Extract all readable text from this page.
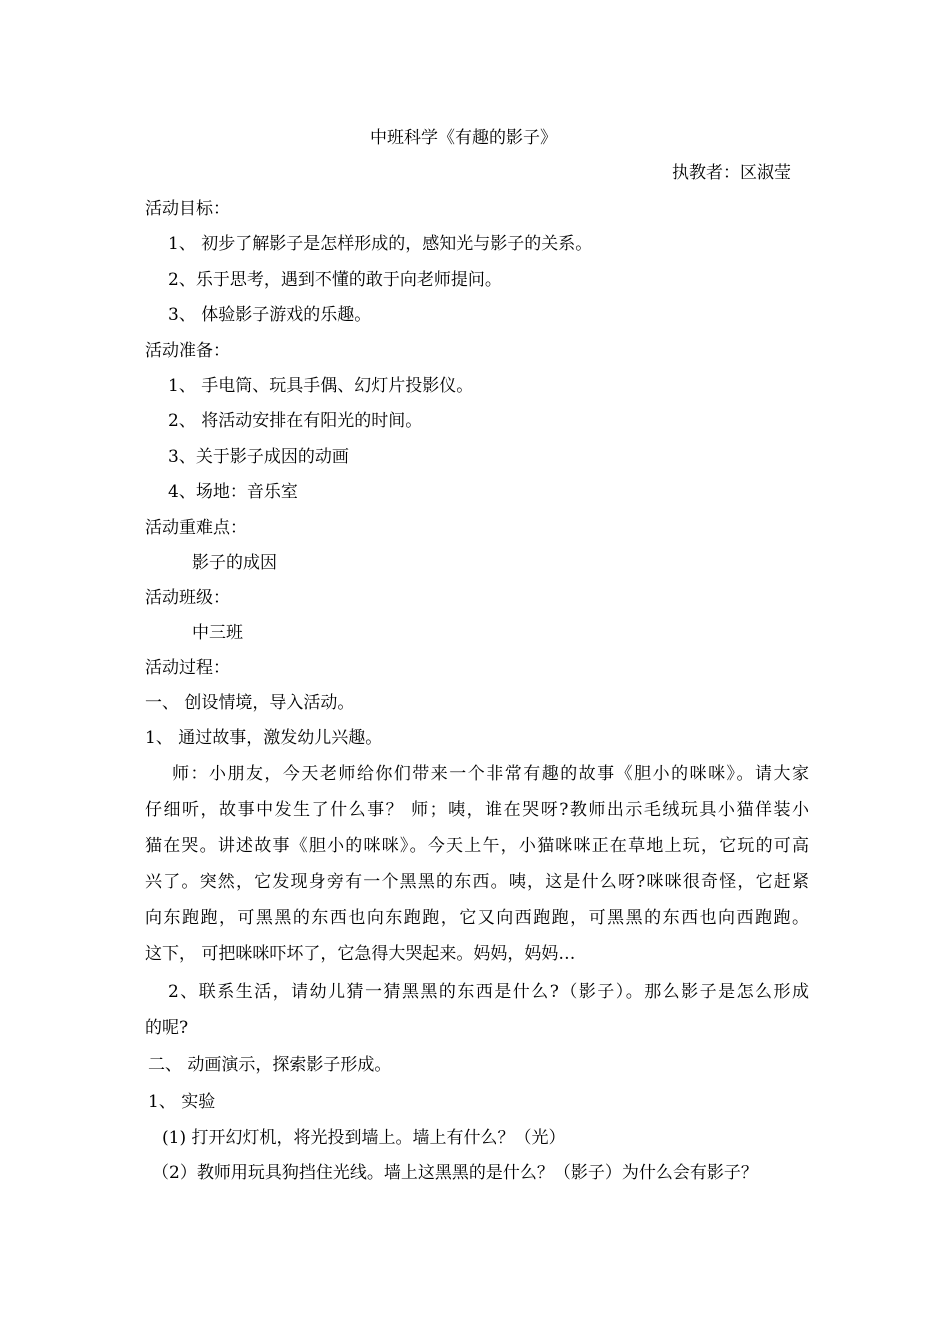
中班科学《有趣的影子》
执教者：区淑莹
活动目标：
1、 初步了解影子是怎样形成的，感知光与影子的关系。
2、乐于思考，遇到不懂的敢于向老师提问。
3、 体验影子游戏的乐趣。
活动准备：
1、 手电筒、玩具手偶、幻灯片投影仪。
2、 将活动安排在有阳光的时间。
3、关于影子成因的动画
4、场地：音乐室
活动重难点：
影子的成因
活动班级：
中三班
活动过程：
一、 创设情境，导入活动。
1、 通过故事，激发幼儿兴趣。
师：小朋友，今天老师给你们带来一个非常有趣的故事《胆小的咪咪》。请大家
仔细听，故事中发生了什么事？ 师；咦，谁在哭呀?教师出示毛绒玩具小猫佯装小
猫在哭。讲述故事《胆小的咪咪》。今天上午，小猫咪咪正在草地上玩，它玩的可高
兴了。突然，它发现身旁有一个黑黑的东西。咦，这是什么呀?咪咪很奇怪，它赶紧
向东跑跑，可黑黑的东西也向东跑跑，它又向西跑跑，可黑黑的东西也向西跑跑。
这下， 可把咪咪吓坏了，它急得大哭起来。妈妈，妈妈…
2、联系生活，请幼儿猜一猜黑黑的东西是什么?（影子）。那么影子是怎么形成
的呢?
二、 动画演示，探索影子形成。
1、 实验
(1) 打开幻灯机，将光投到墙上。墙上有什么？（光）
（2）教师用玩具狗挡住光线。墙上这黑黑的是什么？（影子）为什么会有影子？
